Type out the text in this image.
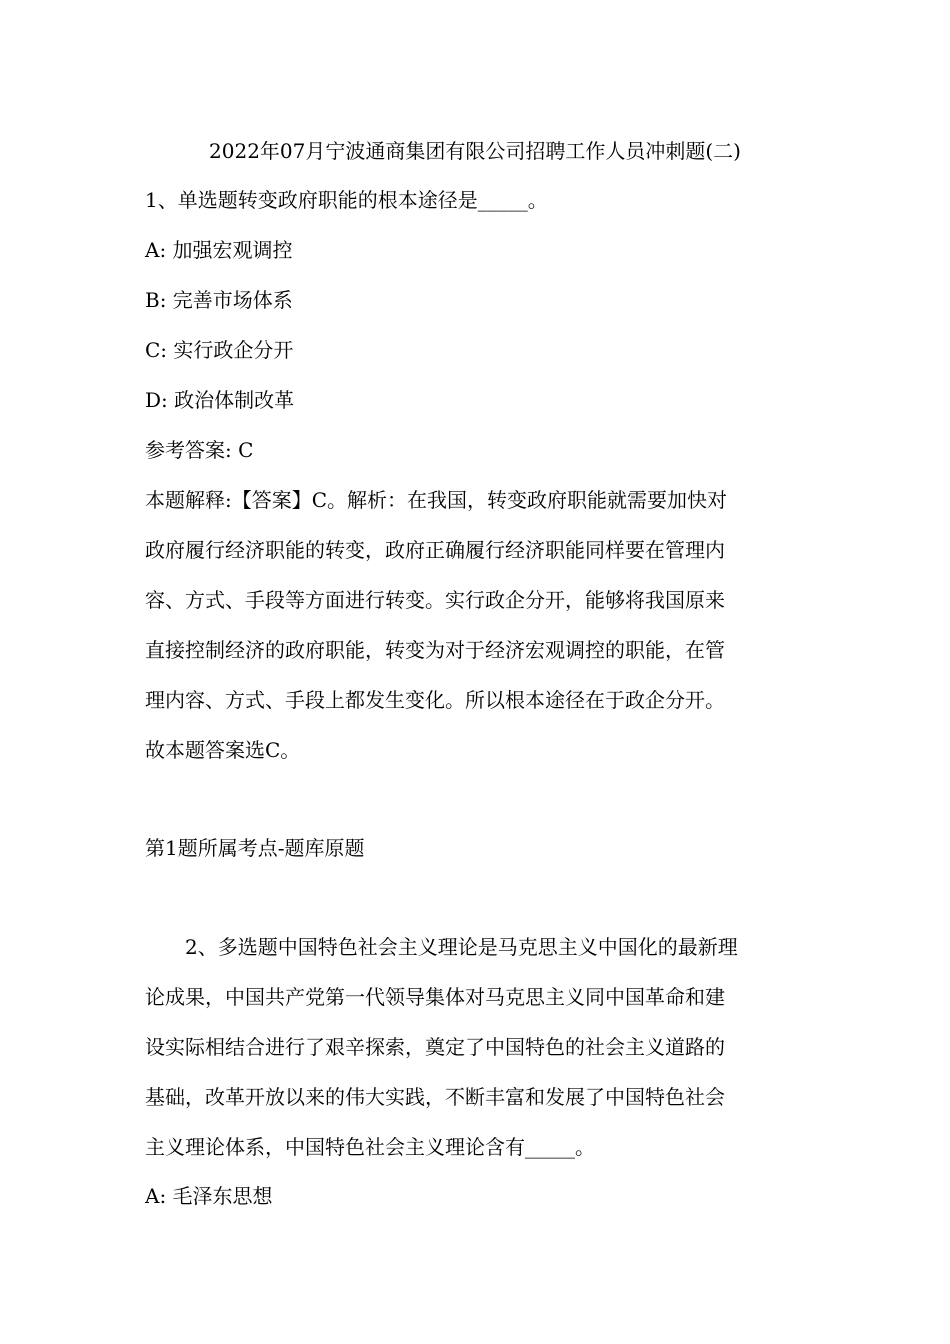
2022年07月宁波通商集团有限公司招聘工作人员冲刺题(二)
1、单选题转变政府职能的根本途径是_____。
A: 加强宏观调控
B: 完善市场体系
C: 实行政企分开
D: 政治体制改革
参考答案: C
本题解释:【答案】C。解析：在我国，转变政府职能就需要加快对
政府履行经济职能的转变，政府正确履行经济职能同样要在管理内
容、方式、手段等方面进行转变。实行政企分开，能够将我国原来
直接控制经济的政府职能，转变为对于经济宏观调控的职能，在管
理内容、方式、手段上都发生变化。所以根本途径在于政企分开。
故本题答案选C。
第1题所属考点-题库原题
2、多选题中国特色社会主义理论是马克思主义中国化的最新理
论成果，中国共产党第一代领导集体对马克思主义同中国革命和建
设实际相结合进行了艰辛探索，奠定了中国特色的社会主义道路的
基础，改革开放以来的伟大实践，不断丰富和发展了中国特色社会
主义理论体系，中国特色社会主义理论含有_____。
A: 毛泽东思想
